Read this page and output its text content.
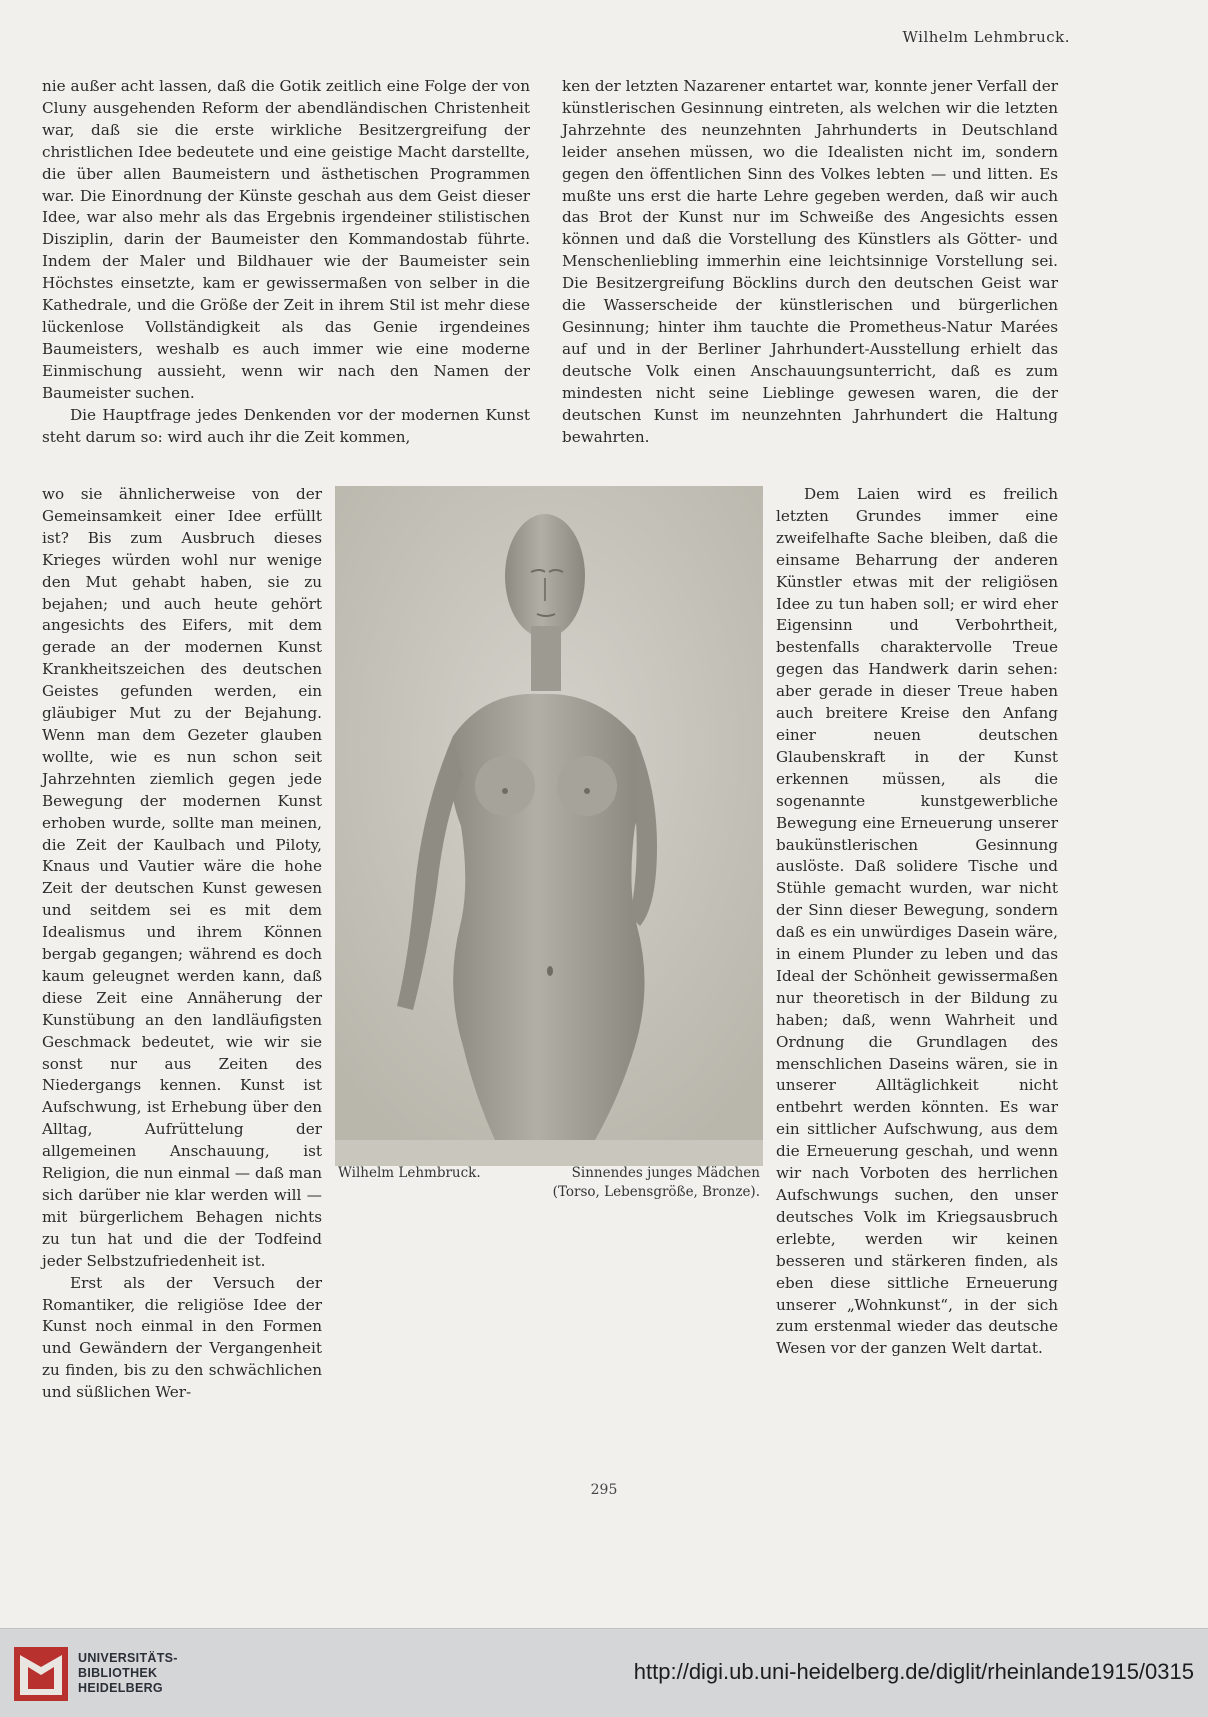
Wilhelm Lehmbruck.

nie außer acht lassen, daß die Gotik zeitlich eine Folge der von Cluny ausgehenden Reform der abendländischen Christenheit war, daß sie die erste wirkliche Besitzergreifung der christlichen Idee bedeutete und eine geistige Macht darstellte, die über allen Baumeistern und ästhetischen Programmen war. Die Einordnung der Künste geschah aus dem Geist dieser Idee, war also mehr als das Ergebnis irgendeiner stilistischen Disziplin, darin der Baumeister den Kommandostab führte. Indem der Maler und Bildhauer wie der Baumeister sein Höchstes einsetzte, kam er gewissermaßen von selber in die Kathedrale, und die Größe der Zeit in ihrem Stil ist mehr diese lückenlose Vollständigkeit als das Genie irgendeines Baumeisters, weshalb es auch immer wie eine moderne Einmischung aussieht, wenn wir nach den Namen der Baumeister suchen.

Die Hauptfrage jedes Denkenden vor der modernen Kunst steht darum so: wird auch ihr die Zeit kommen,

wo sie ähnlicherweise von der Gemeinsamkeit einer Idee erfüllt ist? Bis zum Ausbruch dieses Krieges würden wohl nur wenige den Mut gehabt haben, sie zu bejahen; und auch heute gehört angesichts des Eifers, mit dem gerade an der modernen Kunst Krankheitszeichen des deutschen Geistes gefunden werden, ein gläubiger Mut zu der Bejahung. Wenn man dem Gezeter glauben wollte, wie es nun schon seit Jahrzehnten ziemlich gegen jede Bewegung der modernen Kunst erhoben wurde, sollte man meinen, die Zeit der Kaulbach und Piloty, Knaus und Vautier wäre die hohe Zeit der deutschen Kunst gewesen und seitdem sei es mit dem Idealismus und ihrem Können bergab gegangen; während es doch kaum geleugnet werden kann, daß diese Zeit eine Annäherung der Kunstübung an den landläufigsten Geschmack bedeutet, wie wir sie sonst nur aus Zeiten des Niedergangs kennen. Kunst ist Aufschwung, ist Erhebung über den Alltag, Aufrüttelung der allgemeinen Anschauung, ist Religion, die nun einmal — daß man sich darüber nie klar werden will — mit bürgerlichem Behagen nichts zu tun hat und die der Todfeind jeder Selbstzufriedenheit ist.

Erst als der Versuch der Romantiker, die religiöse Idee der Kunst noch einmal in den Formen und Gewändern der Vergangenheit zu finden, bis zu den schwächlichen und süßlichen Wer-

ken der letzten Nazarener entartet war, konnte jener Verfall der künstlerischen Gesinnung eintreten, als welchen wir die letzten Jahrzehnte des neunzehnten Jahrhunderts in Deutschland leider ansehen müssen, wo die Idealisten nicht im, sondern gegen den öffentlichen Sinn des Volkes lebten — und litten. Es mußte uns erst die harte Lehre gegeben werden, daß wir auch das Brot der Kunst nur im Schweiße des Angesichts essen können und daß die Vorstellung des Künstlers als Götter- und Menschenliebling immerhin eine leichtsinnige Vorstellung sei. Die Besitzergreifung Böcklins durch den deutschen Geist war die Wasserscheide der künstlerischen und bürgerlichen Gesinnung; hinter ihm tauchte die Prometheus-Natur Marées auf und in der Berliner Jahrhundert-Ausstellung erhielt das deutsche Volk einen Anschauungsunterricht, daß es zum mindesten nicht seine Lieblinge gewesen waren, die der deutschen Kunst im neunzehnten Jahrhundert die Haltung bewahrten.

Dem Laien wird es freilich letzten Grundes immer eine zweifelhafte Sache bleiben, daß die einsame Beharrung der anderen Künstler etwas mit der religiösen Idee zu tun haben soll; er wird eher Eigensinn und Verbohrtheit, bestenfalls charaktervolle Treue gegen das Handwerk darin sehen: aber gerade in dieser Treue haben auch breitere Kreise den Anfang einer neuen deutschen Glaubenskraft in der Kunst erkennen müssen, als die sogenannte kunstgewerbliche Bewegung eine Erneuerung unserer baukünstlerischen Gesinnung auslöste. Daß solidere Tische und Stühle gemacht wurden, war nicht der Sinn dieser Bewegung, sondern daß es ein unwürdiges Dasein wäre, in einem Plunder zu leben und das Ideal der Schönheit gewissermaßen nur theoretisch in der Bildung zu haben; daß, wenn Wahrheit und Ordnung die Grundlagen des menschlichen Daseins wären, sie in unserer Alltäglichkeit nicht entbehrt werden könnten. Es war ein sittlicher Aufschwung, aus dem die Erneuerung geschah, und wenn wir nach Vorboten des herrlichen Aufschwungs suchen, den unser deutsches Volk im Kriegsausbruch erlebte, werden wir keinen besseren und stärkeren finden, als eben diese sittliche Erneuerung unserer „Wohnkunst“, in der sich zum erstenmal wieder das deutsche Wesen vor der ganzen Welt dartat.

Wilhelm Lehmbruck.	Sinnendes junges Mädchen
(Torso, Lebensgröße, Bronze).
295
UNIVERSITÄTS-
BIBLIOTHEK
HEIDELBERG
http://digi.ub.uni-heidelberg.de/diglit/rheinlande1915/0315
